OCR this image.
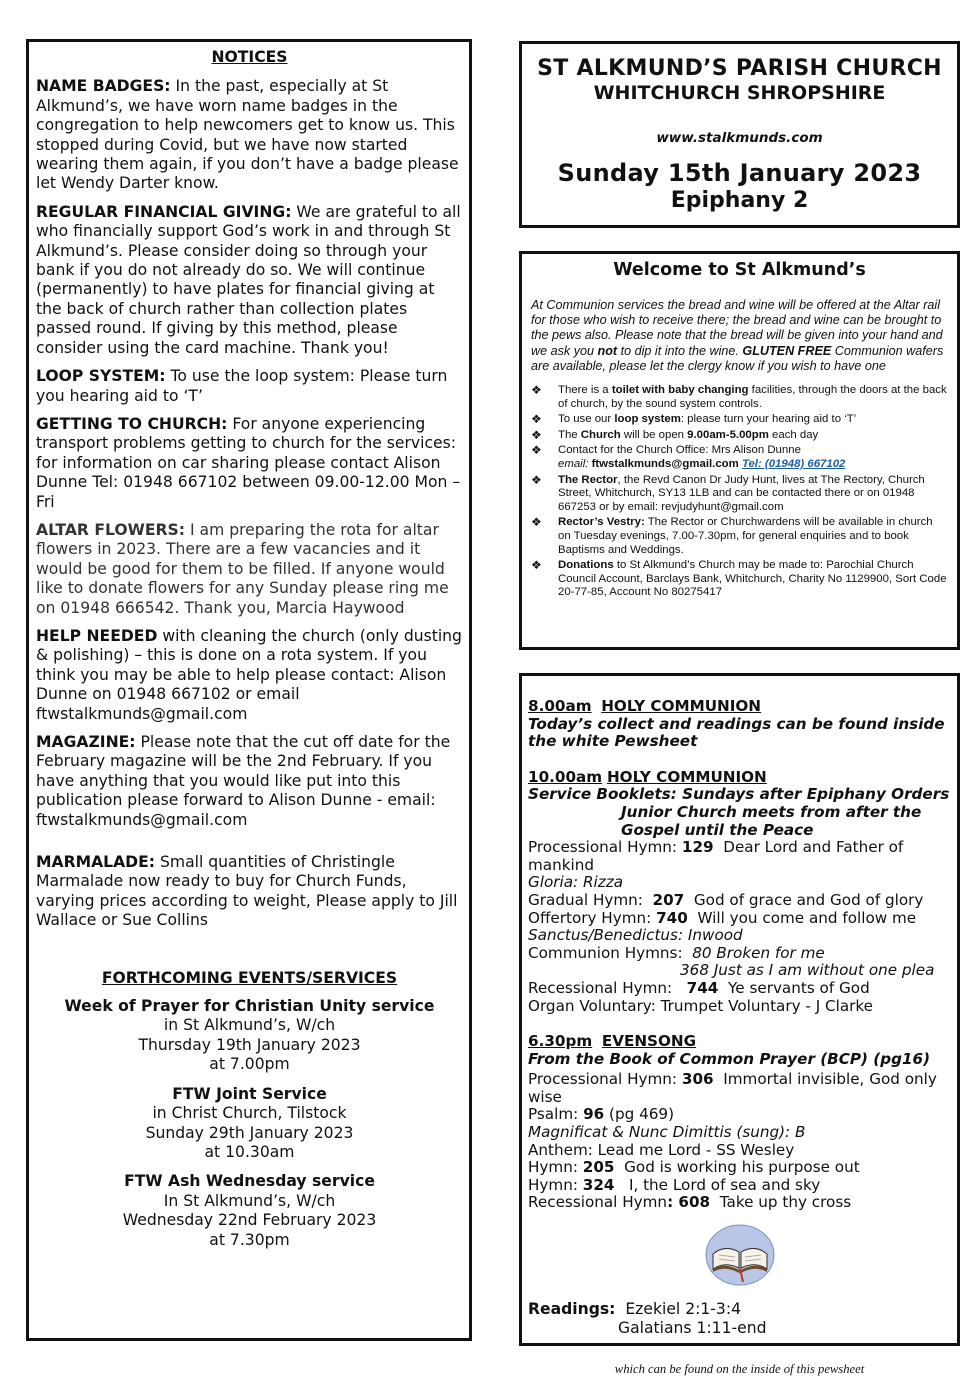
NOTICES

NAME BADGES: In the past, especially at St Alkmund’s, we have worn name badges in the congregation to help newcomers get to know us. This stopped during Covid, but we have now started wearing them again, if you don’t have a badge please let Wendy Darter know.

REGULAR FINANCIAL GIVING: We are grateful to all who financially support God’s work in and through St Alkmund’s. Please consider doing so through your bank if you do not already do so. We will continue (permanently) to have plates for financial giving at the back of church rather than collection plates passed round. If giving by this method, please consider using the card machine. Thank you!

LOOP SYSTEM: To use the loop system: Please turn you hearing aid to ‘T’

GETTING TO CHURCH: For anyone experiencing transport problems getting to church for the services: for information on car sharing please contact Alison Dunne Tel: 01948 667102 between 09.00-12.00 Mon –Fri

ALTAR FLOWERS: I am preparing the rota for altar flowers in 2023. There are a few vacancies and it would be good for them to be filled. If anyone would like to donate flowers for any Sunday please ring me on 01948 666542. Thank you, Marcia Haywood

HELP NEEDED with cleaning the church (only dusting & polishing) – this is done on a rota system. If you think you may be able to help please contact: Alison Dunne on 01948 667102 or email ftwstalkmunds@gmail.com

MAGAZINE: Please note that the cut off date for the February magazine will be the 2nd February. If you have anything that you would like put into this publication please forward to Alison Dunne - email: ftwstalkmunds@gmail.com

MARMALADE: Small quantities of Christingle Marmalade now ready to buy for Church Funds, varying prices according to weight, Please apply to Jill Wallace or Sue Collins

FORTHCOMING EVENTS/SERVICES
Week of Prayer for Christian Unity service
in St Alkmund’s, W/ch
Thursday 19th January 2023
at 7.00pm
FTW Joint Service
in Christ Church, Tilstock
Sunday 29th January 2023
at 10.30am
FTW Ash Wednesday service
In St Alkmund’s, W/ch
Wednesday 22nd February 2023
at 7.30pm
ST ALKMUND’S PARISH CHURCH
WHITCHURCH SHROPSHIRE
www.stalkmunds.com
Sunday 15th January 2023
Epiphany 2
Welcome to St Alkmund’s

At Communion services the bread and wine will be offered at the Altar rail for those who wish to receive there; the bread and wine can be brought to the pews also. Please note that the bread will be given into your hand and we ask you not to dip it into the wine. GLUTEN FREE Communion wafers are available, please let the clergy know if you wish to have one

❖ There is a toilet with baby changing facilities, through the doors at the back of church, by the sound system controls.
❖ To use our loop system: please turn your hearing aid to ‘T’
❖ The Church will be open 9.00am-5.00pm each day
❖ Contact for the Church Office: Mrs Alison Dunne
email: ftwstalkmunds@gmail.com Tel: (01948) 667102
❖ The Rector, the Revd Canon Dr Judy Hunt, lives at The Rectory, Church Street, Whitchurch, SY13 1LB and can be contacted there or on 01948 667253 or by email: revjudyhunt@gmail.com
❖ Rector’s Vestry: The Rector or Churchwardens will be available in church on Tuesday evenings, 7.00-7.30pm, for general enquiries and to book Baptisms and Weddings.
❖ Donations to St Alkmund’s Church may be made to: Parochial Church Council Account, Barclays Bank, Whitchurch, Charity No 1129900, Sort Code 20-77-85, Account No 80275417
8.00am HOLY COMMUNION
Today’s collect and readings can be found inside
the white Pewsheet
10.00am HOLY COMMUNION
Service Booklets: Sundays after Epiphany Orders
Junior Church meets from after the
Gospel until the Peace
Processional Hymn: 129 Dear Lord and Father of mankind
Gloria: Rizza
Gradual Hymn: 207 God of grace and God of glory
Offertory Hymn: 740 Will you come and follow me
Sanctus/Benedictus: Inwood
Communion Hymns: 80 Broken for me
368 Just as I am without one plea
Recessional Hymn: 744 Ye servants of God
Organ Voluntary: Trumpet Voluntary - J Clarke
6.30pm EVENSONG
From the Book of Common Prayer (BCP) (pg16)
Processional Hymn: 306 Immortal invisible, God only wise
Psalm: 96 (pg 469)
Magnificat & Nunc Dimittis (sung): B
Anthem: Lead me Lord - SS Wesley
Hymn: 205 God is working his purpose out
Hymn: 324 I, the Lord of sea and sky
Recessional Hymn: 608 Take up thy cross
Readings: Ezekiel 2:1-3:4
Galatians 1:11-end
which can be found on the inside of this pewsheet
